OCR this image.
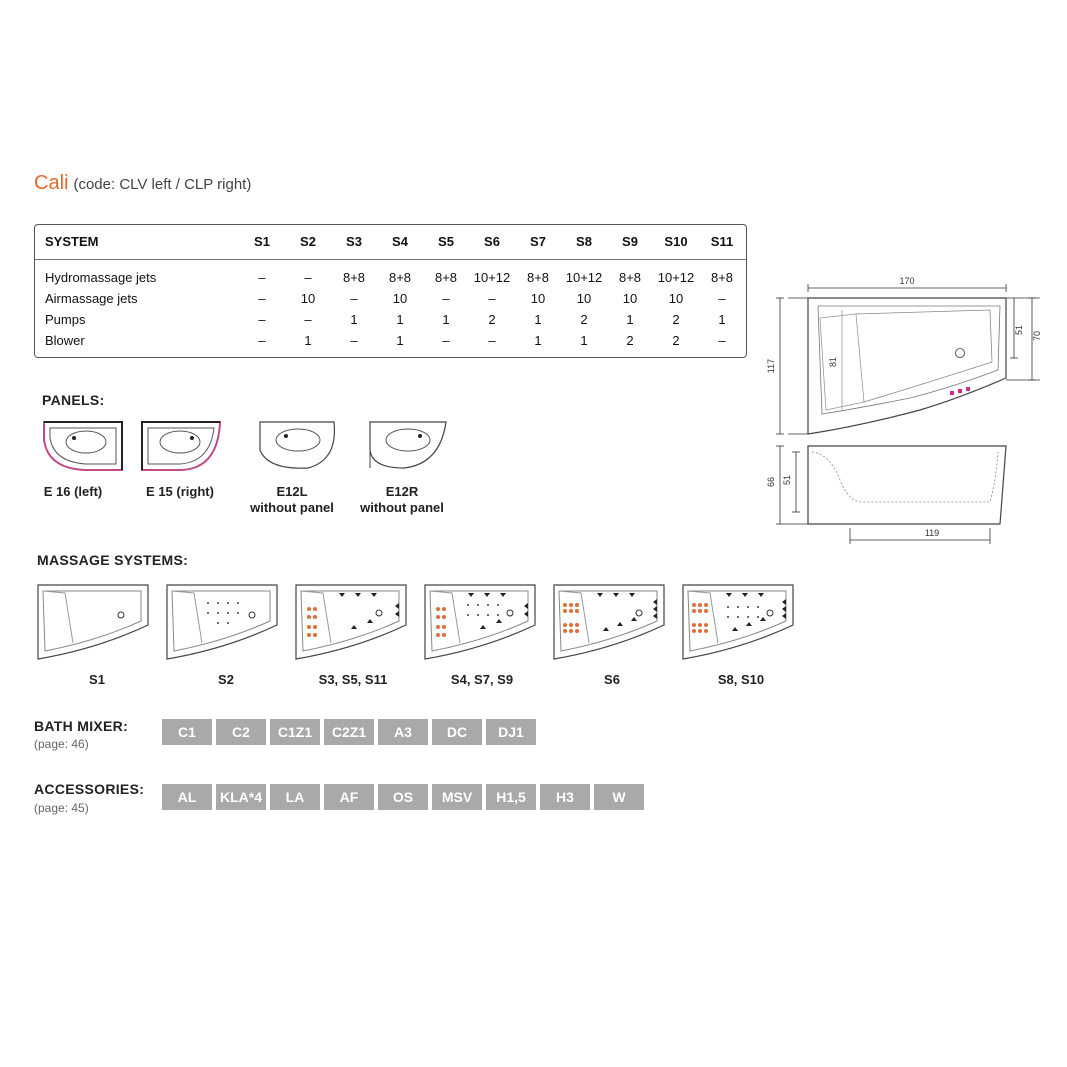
Cali (code: CLV left / CLP right)
SYSTEM	S1 S2 S3 S4 S5 S6 S7 S8 S9 S10 S11
Hydromassage jets	–	– 8+8 8+8 8+8 10+12 8+8 10+12 8+8 10+12 8+8
Airmassage jets	–	10	–	10	–	–	10 10 10 10	–
Pumps	–	–	1	1	1	2	1	2	1	2	1
Blower	–	1	–	1	–	–	1	1	2	2	–
170
117	81
51
70
66 51
119
PANELS:
E 16 (left)	E 15 (right)	E12L
without panel
E12R
without panel
MASSAGE SYSTEMS:
S1	S2	S3, S5, S11	S4, S7, S9	S6	S8, S10
BATH MIXER:
(page: 46)
C1	C2	C1Z1	C2Z1	A3	DC	DJ1
ACCESSORIES:
(page: 45)
AL	KLA*4	LA	AF	OS	MSV	H1,5	H3	W
